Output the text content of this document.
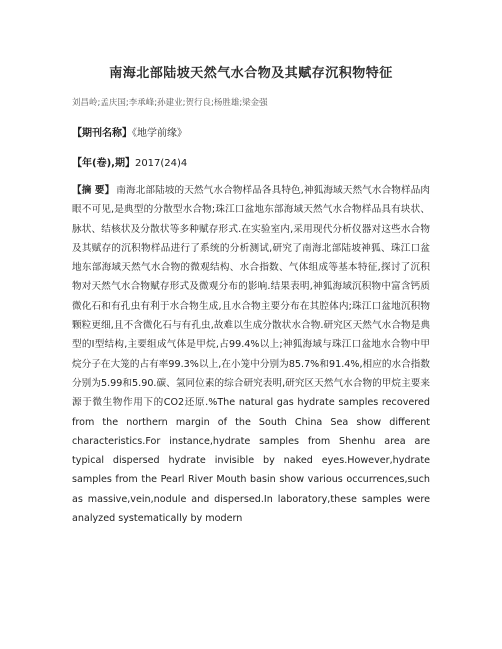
南海北部陆坡天然气水合物及其赋存沉积物特征
刘昌岭;孟庆国;李承峰;孙建业;贺行良;杨胜雄;梁金强
【期刊名称】《地学前缘》
【年(卷),期】2017(24)4
【摘 要】 南海北部陆坡的天然气水合物样品各具特色,神狐海域天然气水合物样品肉眼不可见,是典型的分散型水合物;珠江口盆地东部海域天然气水合物样品具有块状、脉状、结核状及分散状等多种赋存形式.在实验室内,采用现代分析仪器对这些水合物及其赋存的沉积物样品进行了系统的分析测试,研究了南海北部陆坡神狐、珠江口盆地东部海域天然气水合物的微观结构、水合指数、气体组成等基本特征,探讨了沉积物对天然气水合物赋存形式及微观分布的影响.结果表明,神狐海域沉积物中富含钙质微化石和有孔虫有利于水合物生成,且水合物主要分布在其腔体内;珠江口盆地沉积物颗粒更细,且不含微化石与有孔虫,故难以生成分散状水合物.研究区天然气水合物是典型的Ⅰ型结构,主要组成气体是甲烷,占99.4%以上;神狐海域与珠江口盆地水合物中甲烷分子在大笼的占有率99.3%以上,在小笼中分别为85.7%和91.4%,相应的水合指数分别为5.99和5.90.碳、氢同位素的综合研究表明,研究区天然气水合物的甲烷主要来源于微生物作用下的CO2还原.%The natural gas hydrate samples recovered from the northern margin of the South China Sea show different characteristics.For instance,hydrate samples from Shenhu area are typical dispersed hydrate invisible by naked eyes.However,hydrate samples from the Pearl River Mouth basin show various occurrences,such as massive,vein,nodule and dispersed.In laboratory,these samples were analyzed systematically by modern
